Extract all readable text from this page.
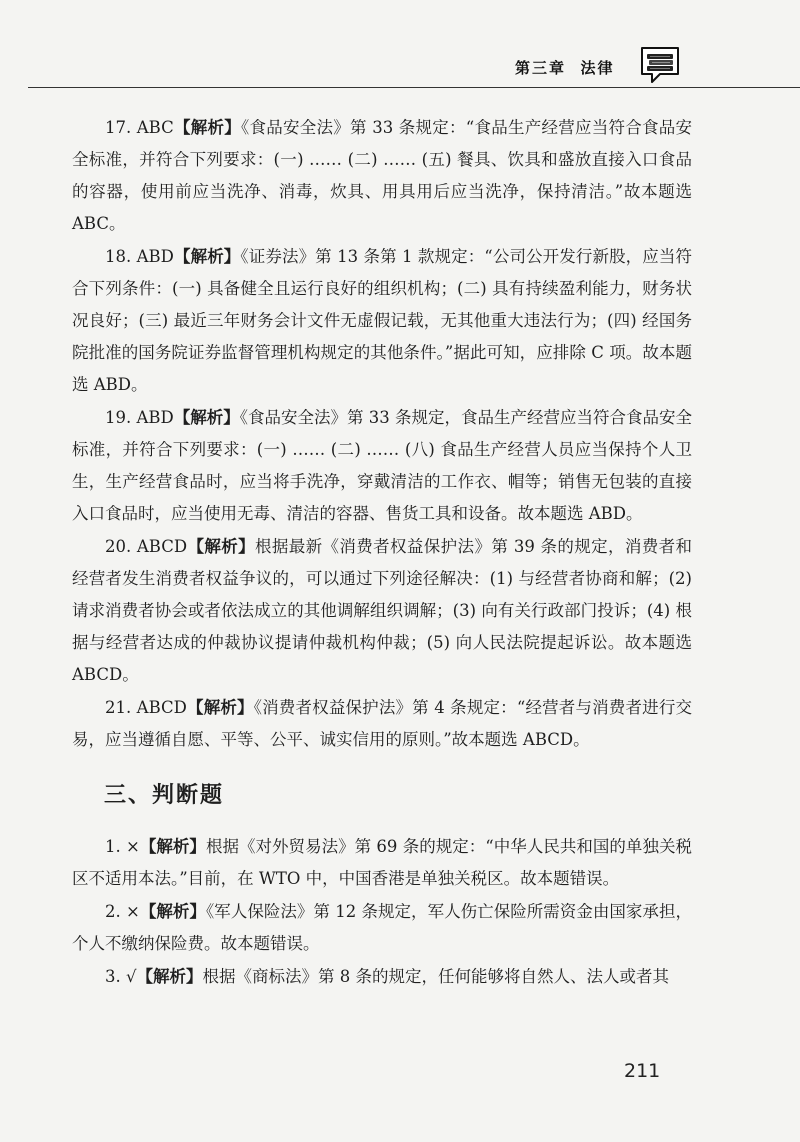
第三章 法律

17. ABC【解析】《食品安全法》第 33 条规定：“食品生产经营应当符合食品安全标准，并符合下列要求：(一) …… (二) …… (五) 餐具、饮具和盛放直接入口食品的容器，使用前应当洗净、消毒，炊具、用具用后应当洗净，保持清洁。”故本题选 ABC。

18. ABD【解析】《证券法》第 13 条第 1 款规定：“公司公开发行新股，应当符合下列条件：(一) 具备健全且运行良好的组织机构；(二) 具有持续盈利能力，财务状况良好；(三) 最近三年财务会计文件无虚假记载，无其他重大违法行为；(四) 经国务院批准的国务院证券监督管理机构规定的其他条件。”据此可知，应排除 C 项。故本题选 ABD。

19. ABD【解析】《食品安全法》第 33 条规定，食品生产经营应当符合食品安全标准，并符合下列要求：(一) …… (二) …… (八) 食品生产经营人员应当保持个人卫生，生产经营食品时，应当将手洗净，穿戴清洁的工作衣、帽等；销售无包装的直接入口食品时，应当使用无毒、清洁的容器、售货工具和设备。故本题选 ABD。

20. ABCD【解析】根据最新《消费者权益保护法》第 39 条的规定，消费者和经营者发生消费者权益争议的，可以通过下列途径解决：(1) 与经营者协商和解；(2) 请求消费者协会或者依法成立的其他调解组织调解；(3) 向有关行政部门投诉；(4) 根据与经营者达成的仲裁协议提请仲裁机构仲裁；(5) 向人民法院提起诉讼。故本题选 ABCD。

21. ABCD【解析】《消费者权益保护法》第 4 条规定：“经营者与消费者进行交易，应当遵循自愿、平等、公平、诚实信用的原则。”故本题选 ABCD。

三、判断题

1. ×【解析】根据《对外贸易法》第 69 条的规定：“中华人民共和国的单独关税区不适用本法。”目前，在 WTO 中，中国香港是单独关税区。故本题错误。

2. ×【解析】《军人保险法》第 12 条规定，军人伤亡保险所需资金由国家承担，个人不缴纳保险费。故本题错误。

3. √【解析】根据《商标法》第 8 条的规定，任何能够将自然人、法人或者其

211
